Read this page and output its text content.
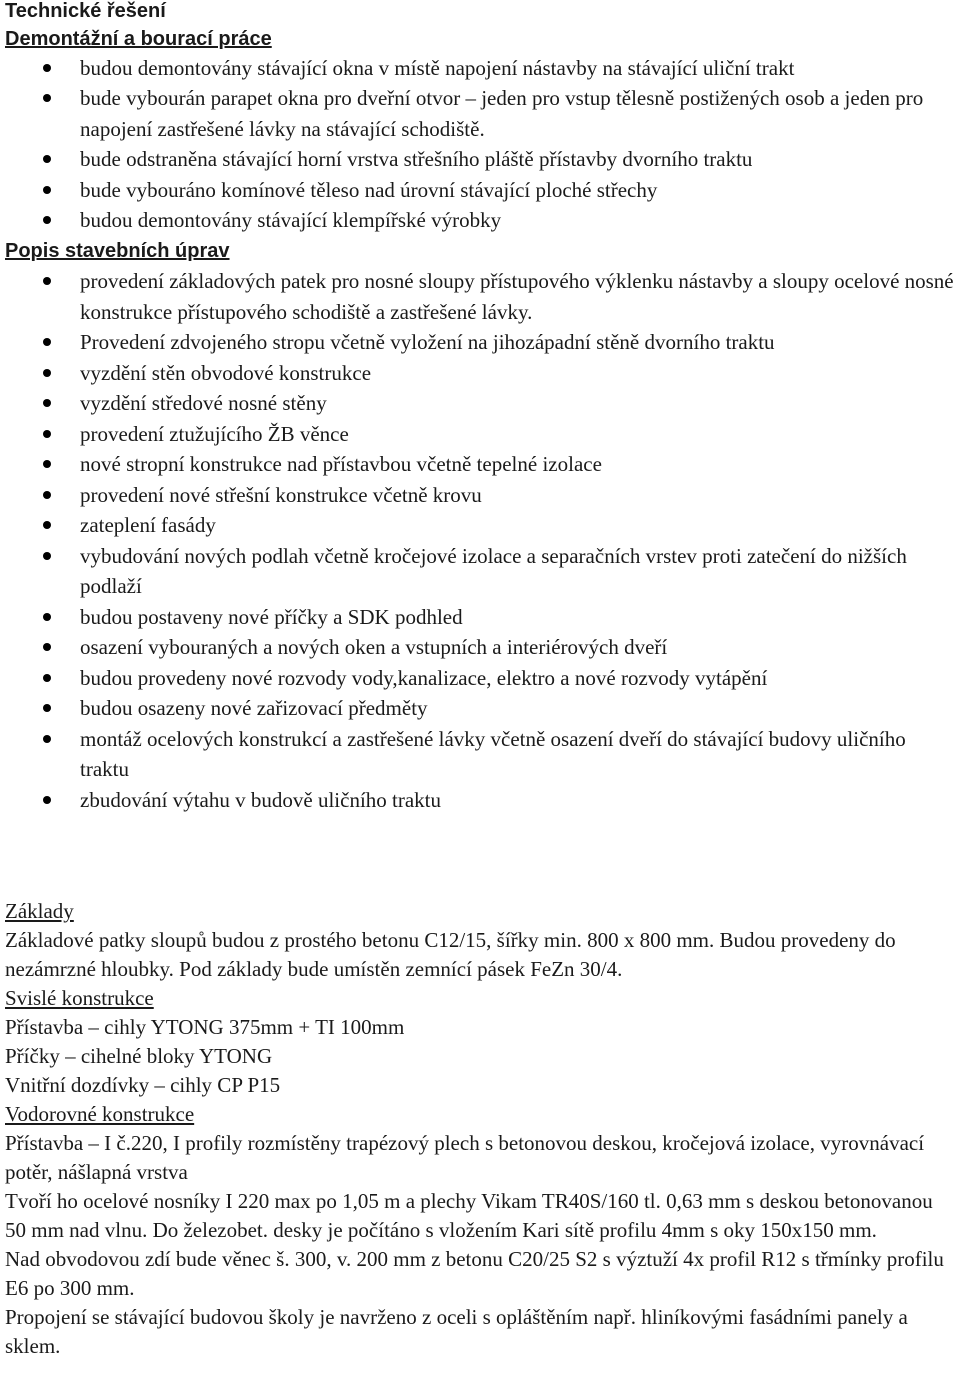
Technické řešení
Demontážní a bourací práce
budou demontovány stávající okna v místě napojení nástavby na stávající uliční trakt
bude vybourán parapet okna pro dveřní otvor – jeden pro vstup tělesně postižených osob a jeden pro napojení zastřešené lávky na stávající schodiště.
bude odstraněna stávající horní vrstva střešního pláště přístavby dvorního traktu
bude vybouráno komínové těleso nad úrovní stávající ploché střechy
budou demontovány stávající klempířské výrobky
Popis stavebních úprav
provedení základových patek pro nosné sloupy přístupového výklenku nástavby a sloupy ocelové nosné konstrukce přístupového schodiště a zastřešené lávky.
Provedení zdvojeného stropu včetně vyložení na jihozápadní stěně dvorního traktu
vyzdění stěn obvodové konstrukce
vyzdění středové nosné stěny
provedení ztužujícího ŽB věnce
nové stropní konstrukce nad přístavbou včetně tepelné izolace
provedení nové střešní konstrukce včetně krovu
zateplení fasády
vybudování nových podlah včetně kročejové izolace a separačních vrstev proti zatečení do nižších podlaží
budou postaveny nové příčky a SDK podhled
osazení vybouraných a nových oken a vstupních a interiérových dveří
budou provedeny nové rozvody vody,kanalizace, elektro a nové rozvody vytápění
budou osazeny nové zařizovací předměty
montáž ocelových konstrukcí a zastřešené lávky včetně osazení dveří do stávající budovy uličního traktu
zbudování výtahu v budově uličního traktu

Základy

Základové patky sloupů budou z prostého betonu C12/15, šířky min. 800 x 800 mm. Budou provedeny do nezámrzné hloubky. Pod základy bude umístěn zemnící pásek FeZn 30/4.

Svislé konstrukce

Přístavba – cihly YTONG 375mm + TI 100mm

Příčky – cihelné bloky YTONG

Vnitřní dozdívky – cihly CP P15

Vodorovné konstrukce

Přístavba – I č.220, I profily rozmístěny trapézový plech s betonovou deskou, kročejová izolace, vyrovnávací potěr, nášlapná vrstva

Tvoří ho ocelové nosníky I 220 max po 1,05 m a plechy Vikam TR40S/160 tl. 0,63 mm s deskou betonovanou 50 mm nad vlnu. Do železobet. desky je počítáno s vložením Kari sítě profilu 4mm s oky 150x150 mm.

Nad obvodovou zdí bude věnec š. 300, v. 200 mm z betonu C20/25 S2 s výztuží 4x profil R12 s třmínky profilu E6 po 300 mm.

Propojení se stávající budovou školy je navrženo z oceli s opláštěním např. hliníkovými fasádními panely a sklem.
